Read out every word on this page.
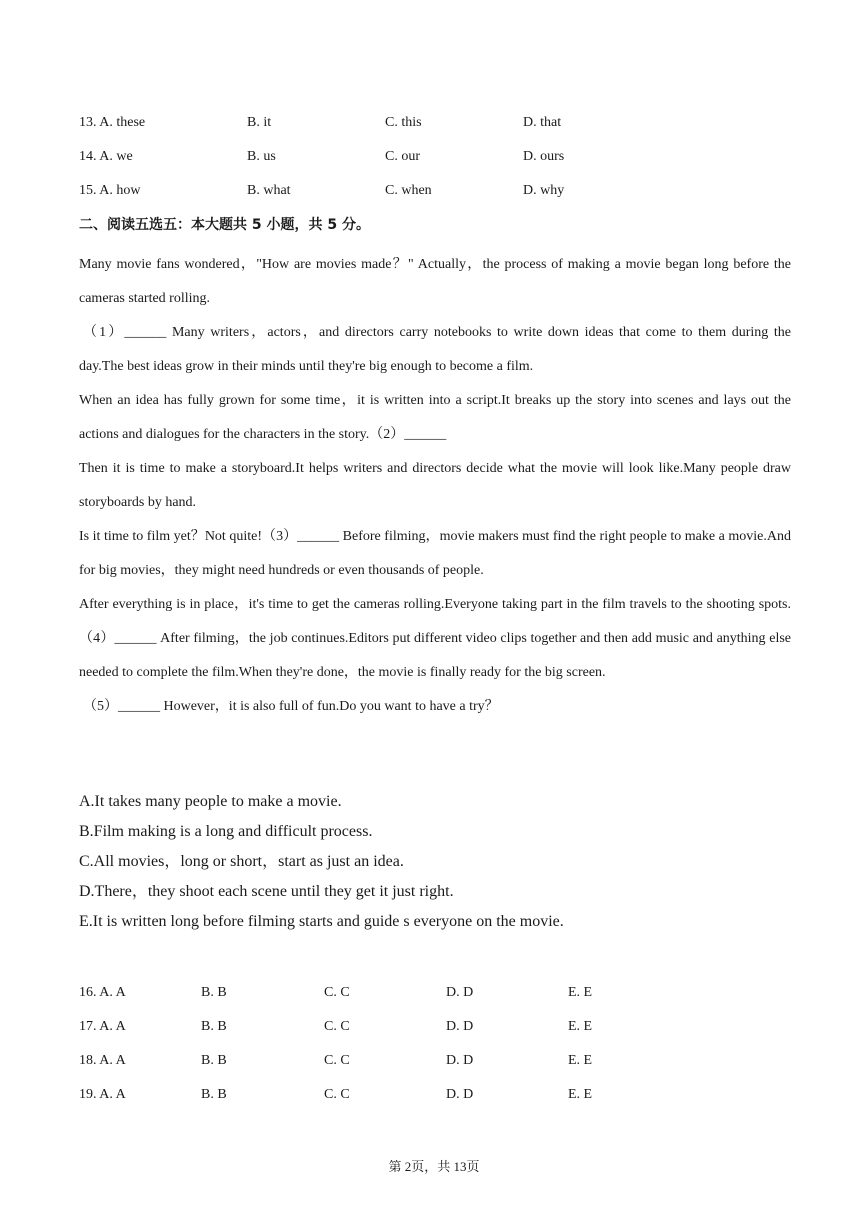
13. A. these	B. it	C. this	D. that
14. A. we	B. us	C. our	D. ours
15. A. how	B. what	C. when	D. why
二、阅读五选五：本大题共 5 小题，共 5 分。

Many movie fans wondered，"How are movies made？" Actually，the process of making a movie began long before the cameras started rolling.

（1）______ Many writers，actors，and directors carry notebooks to write down ideas that come to them during the day.The best ideas grow in their minds until they're big enough to become a film.

When an idea has fully grown for some time，it is written into a script.It breaks up the story into scenes and lays out the actions and dialogues for the characters in the story.（2）______

Then it is time to make a storyboard.It helps writers and directors decide what the movie will look like.Many people draw storyboards by hand.

Is it time to film yet？Not quite!（3）______ Before filming，movie makers must find the right people to make a movie.And for big movies，they might need hundreds or even thousands of people.

After everything is in place，it's time to get the cameras rolling.Everyone taking part in the film travels to the shooting spots.（4）______ After filming，the job continues.Editors put different video clips together and then add music and anything else needed to complete the film.When they're done，the movie is finally ready for the big screen.

（5）______ However，it is also full of fun.Do you want to have a try？

A.It takes many people to make a movie.

B.Film making is a long and difficult process.

C.All movies，long or short，start as just an idea.

D.There，they shoot each scene until they get it just right.

E.It is written long before filming starts and guide s everyone on the movie.

16. A. A	B. B	C. C	D. D	E. E
17. A. A	B. B	C. C	D. D	E. E
18. A. A	B. B	C. C	D. D	E. E
19. A. A	B. B	C. C	D. D	E. E
第 2页，共 13页
